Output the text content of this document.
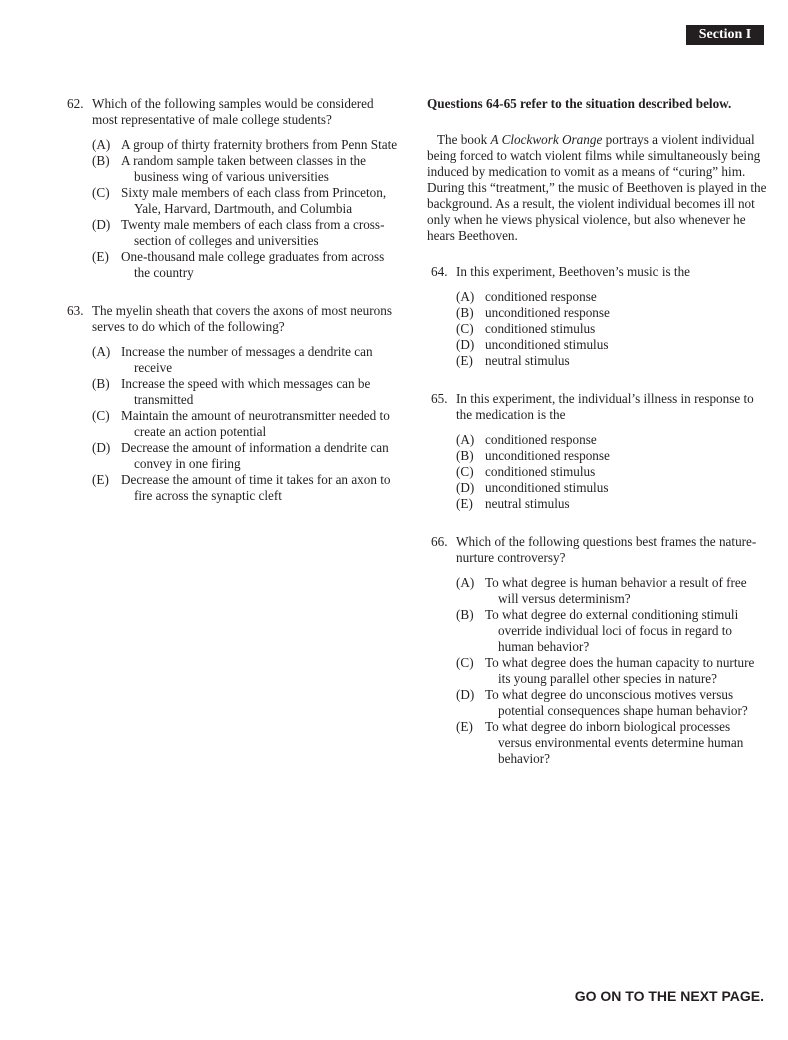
Section I
62. Which of the following samples would be considered most representative of male college students?
(A) A group of thirty fraternity brothers from Penn State
(B) A random sample taken between classes in the business wing of various universities
(C) Sixty male members of each class from Princeton, Yale, Harvard, Dartmouth, and Columbia
(D) Twenty male members of each class from a cross-section of colleges and universities
(E) One-thousand male college graduates from across the country
63. The myelin sheath that covers the axons of most neurons serves to do which of the following?
(A) Increase the number of messages a dendrite can receive
(B) Increase the speed with which messages can be transmitted
(C) Maintain the amount of neurotransmitter needed to create an action potential
(D) Decrease the amount of information a dendrite can convey in one firing
(E) Decrease the amount of time it takes for an axon to fire across the synaptic cleft
Questions 64-65 refer to the situation described below.
The book A Clockwork Orange portrays a violent individual being forced to watch violent films while simultaneously being induced by medication to vomit as a means of “curing” him. During this “treatment,” the music of Beethoven is played in the background. As a result, the violent individual becomes ill not only when he views physical violence, but also whenever he hears Beethoven.
64. In this experiment, Beethoven’s music is the
(A) conditioned response
(B) unconditioned response
(C) conditioned stimulus
(D) unconditioned stimulus
(E) neutral stimulus
65. In this experiment, the individual’s illness in response to the medication is the
(A) conditioned response
(B) unconditioned response
(C) conditioned stimulus
(D) unconditioned stimulus
(E) neutral stimulus
66. Which of the following questions best frames the nature-nurture controversy?
(A) To what degree is human behavior a result of free will versus determinism?
(B) To what degree do external conditioning stimuli override individual loci of focus in regard to human behavior?
(C) To what degree does the human capacity to nurture its young parallel other species in nature?
(D) To what degree do unconscious motives versus potential consequences shape human behavior?
(E) To what degree do inborn biological processes versus environmental events determine human behavior?
GO ON TO THE NEXT PAGE.
